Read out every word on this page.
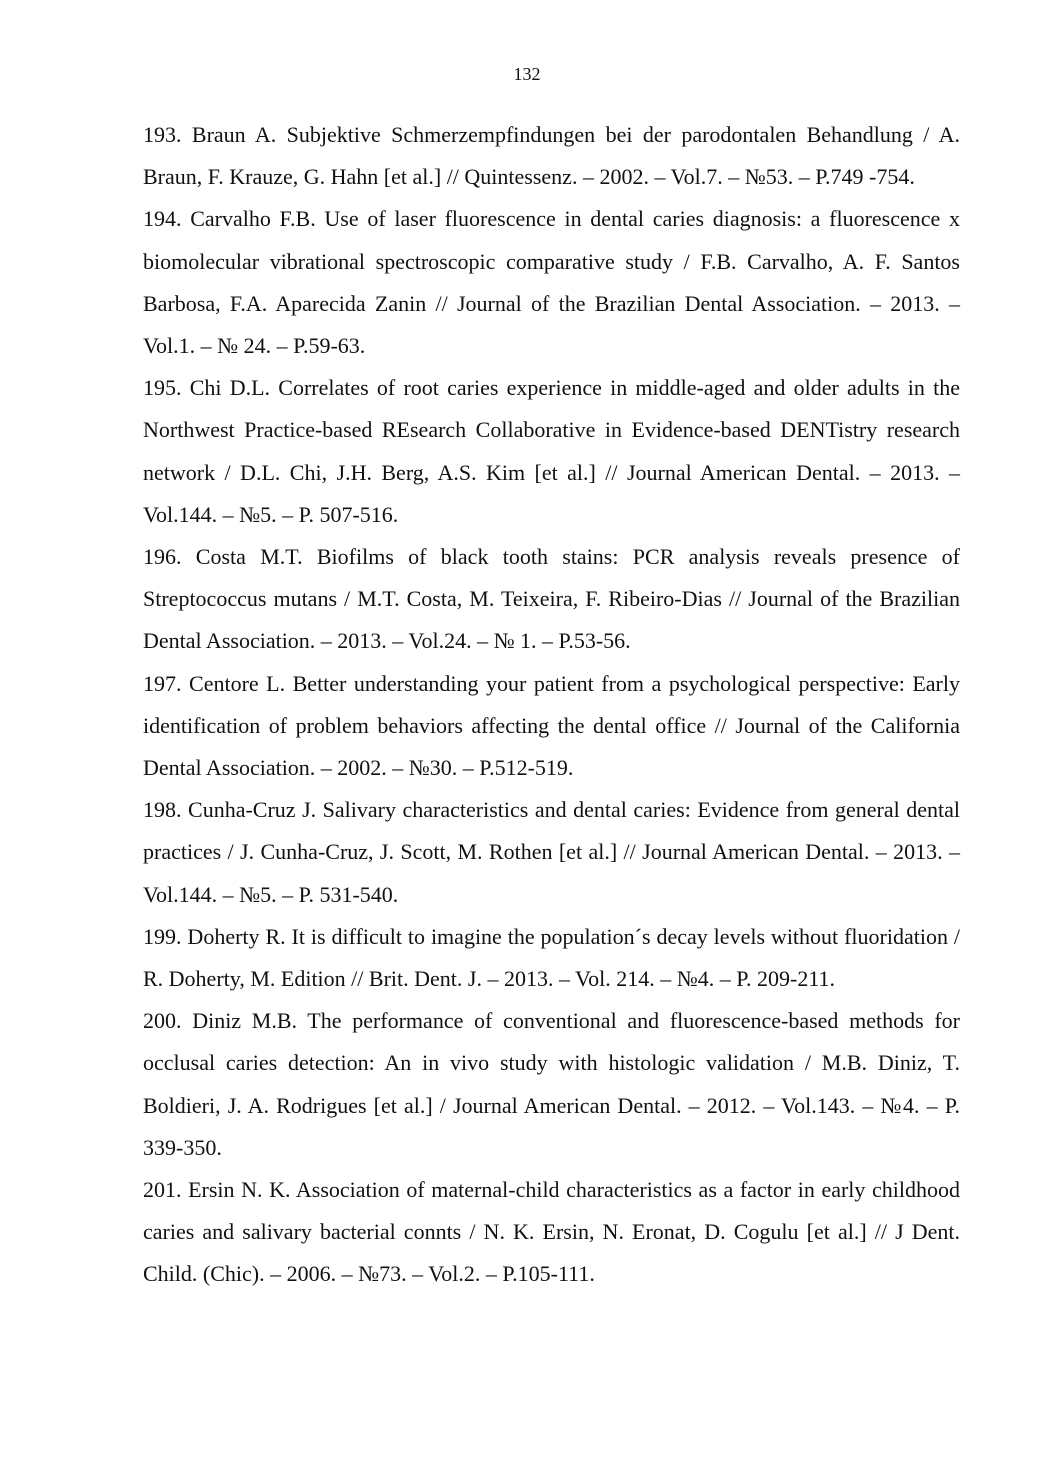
132
193. Braun A. Subjektive Schmerzempfindungen bei der parodontalen Behandlung / A. Braun, F. Krauze, G. Hahn [et al.] // Quintessenz. – 2002. – Vol.7. – №53. – P.749 -754.
194. Carvalho F.B. Use of laser fluorescence in dental caries diagnosis: a fluorescence x biomolecular vibrational spectroscopic comparative study / F.B. Carvalho, A. F. Santos Barbosa, F.A. Aparecida Zanin // Journal of the Brazilian Dental Association. – 2013. – Vol.1. – № 24. – P.59-63.
195. Chi D.L. Correlates of root caries experience in middle-aged and older adults in the Northwest Practice-based REsearch Collaborative in Evidence-based DENTistry research network / D.L. Chi, J.H. Berg, A.S. Kim [et al.] // Journal American Dental. – 2013. – Vol.144. – №5. – P. 507-516.
196. Costa M.T. Biofilms of black tooth stains: PCR analysis reveals presence of Streptococcus mutans / M.T. Costa, M. Teixeira, F. Ribeiro-Dias // Journal of the Brazilian Dental Association. – 2013. – Vol.24. – № 1. – P.53-56.
197. Centore L. Better understanding your patient from a psychological perspective: Early identification of problem behaviors affecting the dental office // Journal of the California Dental Association. – 2002. – №30. – P.512-519.
198. Cunha-Cruz J. Salivary characteristics and dental caries: Evidence from general dental practices / J. Cunha-Cruz, J. Scott, M. Rothen [et al.] // Journal American Dental. – 2013. – Vol.144. – №5. – P. 531-540.
199. Doherty R. It is difficult to imagine the population´s decay levels without fluoridation / R. Doherty, M. Edition // Brit. Dent. J. – 2013. – Vol. 214. – №4. – P. 209-211.
200. Diniz M.B. The performance of conventional and fluorescence-based methods for occlusal caries detection: An in vivo study with histologic validation / M.B. Diniz, T. Boldieri, J. A. Rodrigues [et al.] / Journal American Dental. – 2012. – Vol.143. – №4. – P. 339-350.
201. Ersin N. K. Association of maternal-child characteristics as a factor in early childhood caries and salivary bacterial connts / N. K. Ersin, N. Eronat, D. Cogulu [et al.] // J Dent. Child. (Chic). – 2006. – №73. – Vol.2. – P.105-111.
